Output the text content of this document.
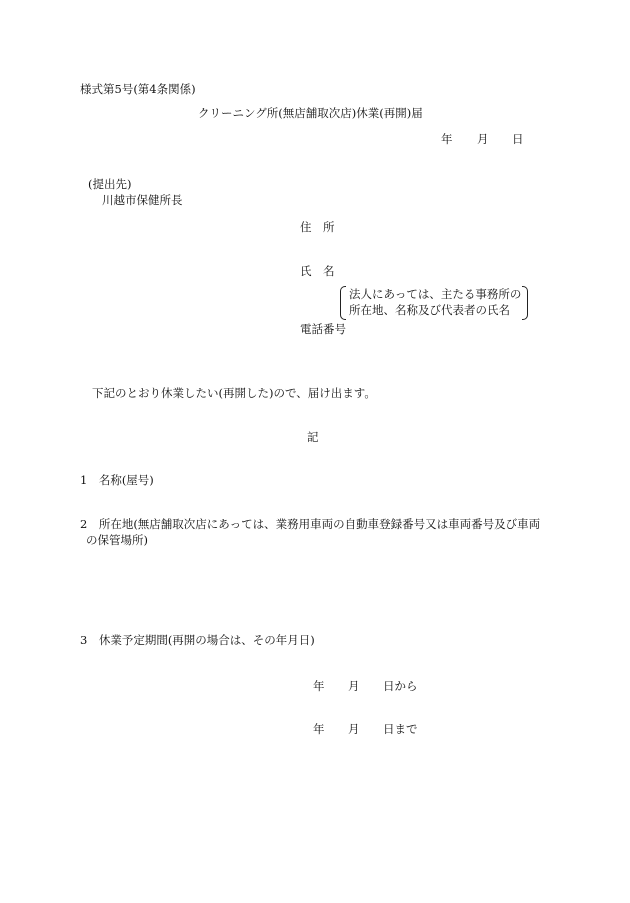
様式第5号(第4条関係)
クリーニング所(無店舗取次店)休業(再開)届
年 月 日
(提出先)
川越市保健所長
住　所
氏　名
法人にあっては、主たる事務所の
所在地、名称及び代表者の氏名
電話番号
下記のとおり休業したい(再開した)ので、届け出ます。
記
1　名称(屋号)
2　所在地(無店舗取次店にあっては、業務用車両の自動車登録番号又は車両番号及び車両
の保管場所)
3　休業予定期間(再開の場合は、その年月日)
年 月 日から
年 月 日まで
